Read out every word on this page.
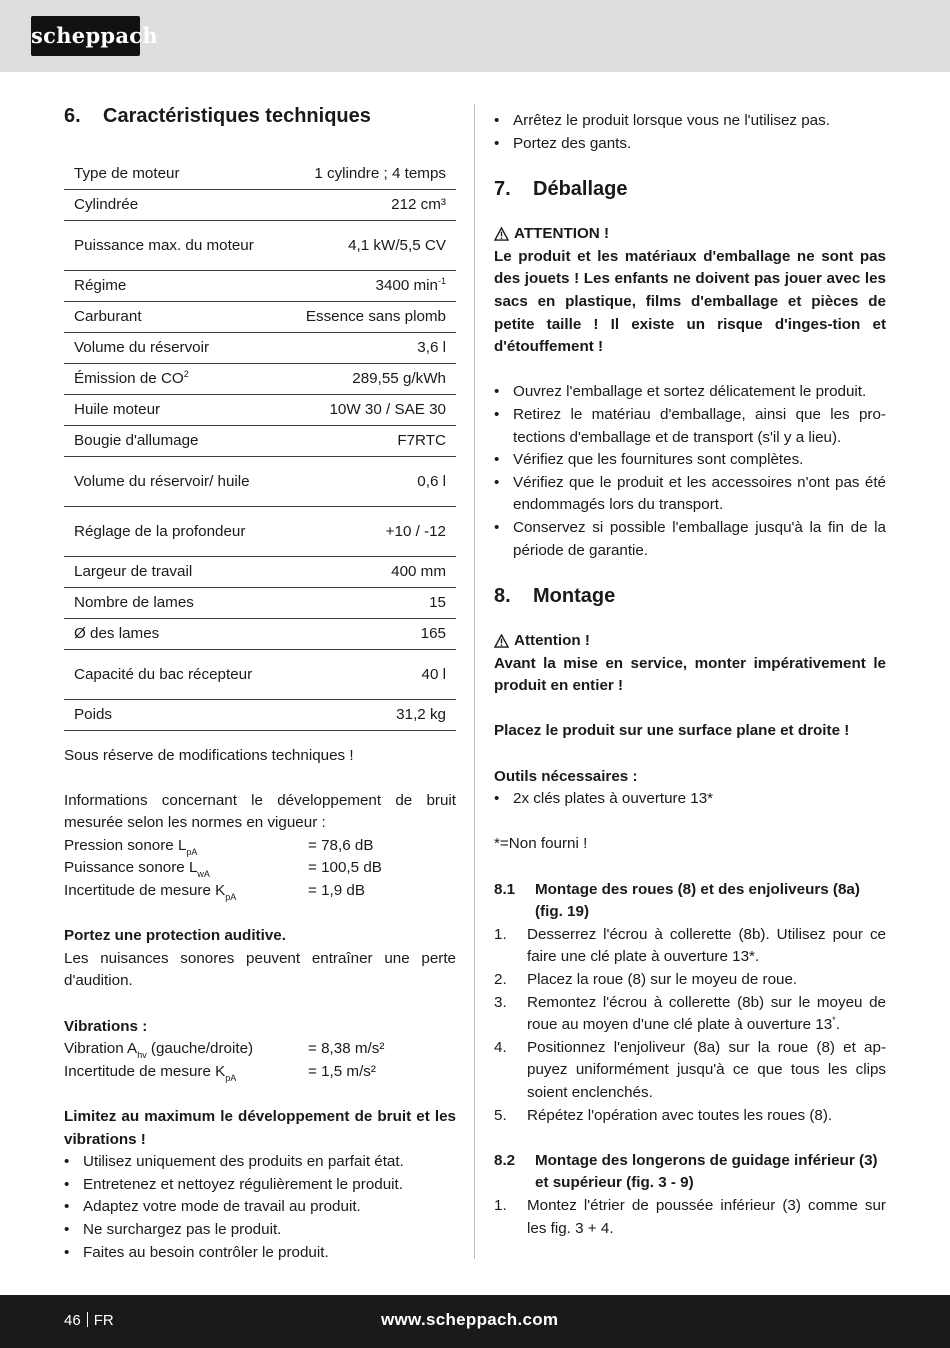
scheppach
6.	Caractéristiques techniques
Type de moteur	1 cylindre ; 4 temps
Cylindrée	212 cm³
Puissance max. du moteur	4,1 kW/5,5 CV
Régime	3400 $\min^{-1}$
Carburant	Essence sans plomb
Volume du réservoir	3,6 l
Émission de $CO^2$	289,55 g/kWh
Huile moteur	10W 30 / SAE 30
Bougie d'allumage	F7RTC
Volume du réservoir/ huile	0,6 l
Réglage de la profondeur	+10 / -12
Largeur de travail	400 mm
Nombre de lames	15
Ø des lames	165
Capacité du bac récepteur	40 l
Poids	31,2 kg

Sous réserve de modifications techniques !

Informations concernant le développement de bruit mesurée selon les normes en vigueur :

Pression sonore $L_{pA}$	= 78,6 dB
Puissance sonore $L_{wA}$	= 100,5 dB
Incertitude de mesure $K_{pA}$	= 1,9 dB

Portez une protection auditive.

Les nuisances sonores peuvent entraîner une perte d'audition.

Vibrations :

Vibration $A_{hv}$ (gauche/droite)	= 8,38 m/s²
Incertitude de mesure $K_{pA}$	= 1,5 m/s²

Limitez au maximum le développement de bruit et les vibrations !

• Utilisez uniquement des produits en parfait état.
• Entretenez et nettoyez régulièrement le produit.
• Adaptez votre mode de travail au produit.
• Ne surchargez pas le produit.
• Faites au besoin contrôler le produit.
• Arrêtez le produit lorsque vous ne l'utilisez pas.
• Portez des gants.
7.	Déballage
ATTENTION !

Le produit et les matériaux d'emballage ne sont pas des jouets ! Les enfants ne doivent pas jouer avec les sacs en plastique, films d'emballage et pièces de petite taille ! Il existe un risque d'inges-tion et d'étouffement !

• Ouvrez l'emballage et sortez délicatement le produit.
• Retirez le matériau d'emballage, ainsi que les pro-tections d'emballage et de transport (s'il y a lieu).
• Vérifiez que les fournitures sont complètes.
• Vérifiez que le produit et les accessoires n'ont pas été endommagés lors du transport.
• Conservez si possible l'emballage jusqu'à la fin de la période de garantie.
8.	Montage
Attention !

Avant la mise en service, monter impérativement le produit en entier !

Placez le produit sur une surface plane et droite !

Outils nécessaires :

• 2x clés plates à ouverture 13*

*=Non fourni !

8.1	Montage des roues (8) et des enjoliveurs (8a) (fig. 19)
1. Desserrez l'écrou à collerette (8b). Utilisez pour ce faire une clé plate à ouverture 13*.
2. Placez la roue (8) sur le moyeu de roue.
3. Remontez l'écrou à collerette (8b) sur le moyeu de roue au moyen d'une clé plate à ouverture 13*.
4. Positionnez l'enjoliveur (8a) sur la roue (8) et ap-puyez uniformément jusqu'à ce que tous les clips soient enclenchés.
5. Répétez l'opération avec toutes les roues (8).
8.2	Montage des longerons de guidage inférieur (3) et supérieur (fig. 3 - 9)
1. Montez l'étrier de poussée inférieur (3) comme sur les fig. 3 + 4.
46 FR	www.scheppach.com
